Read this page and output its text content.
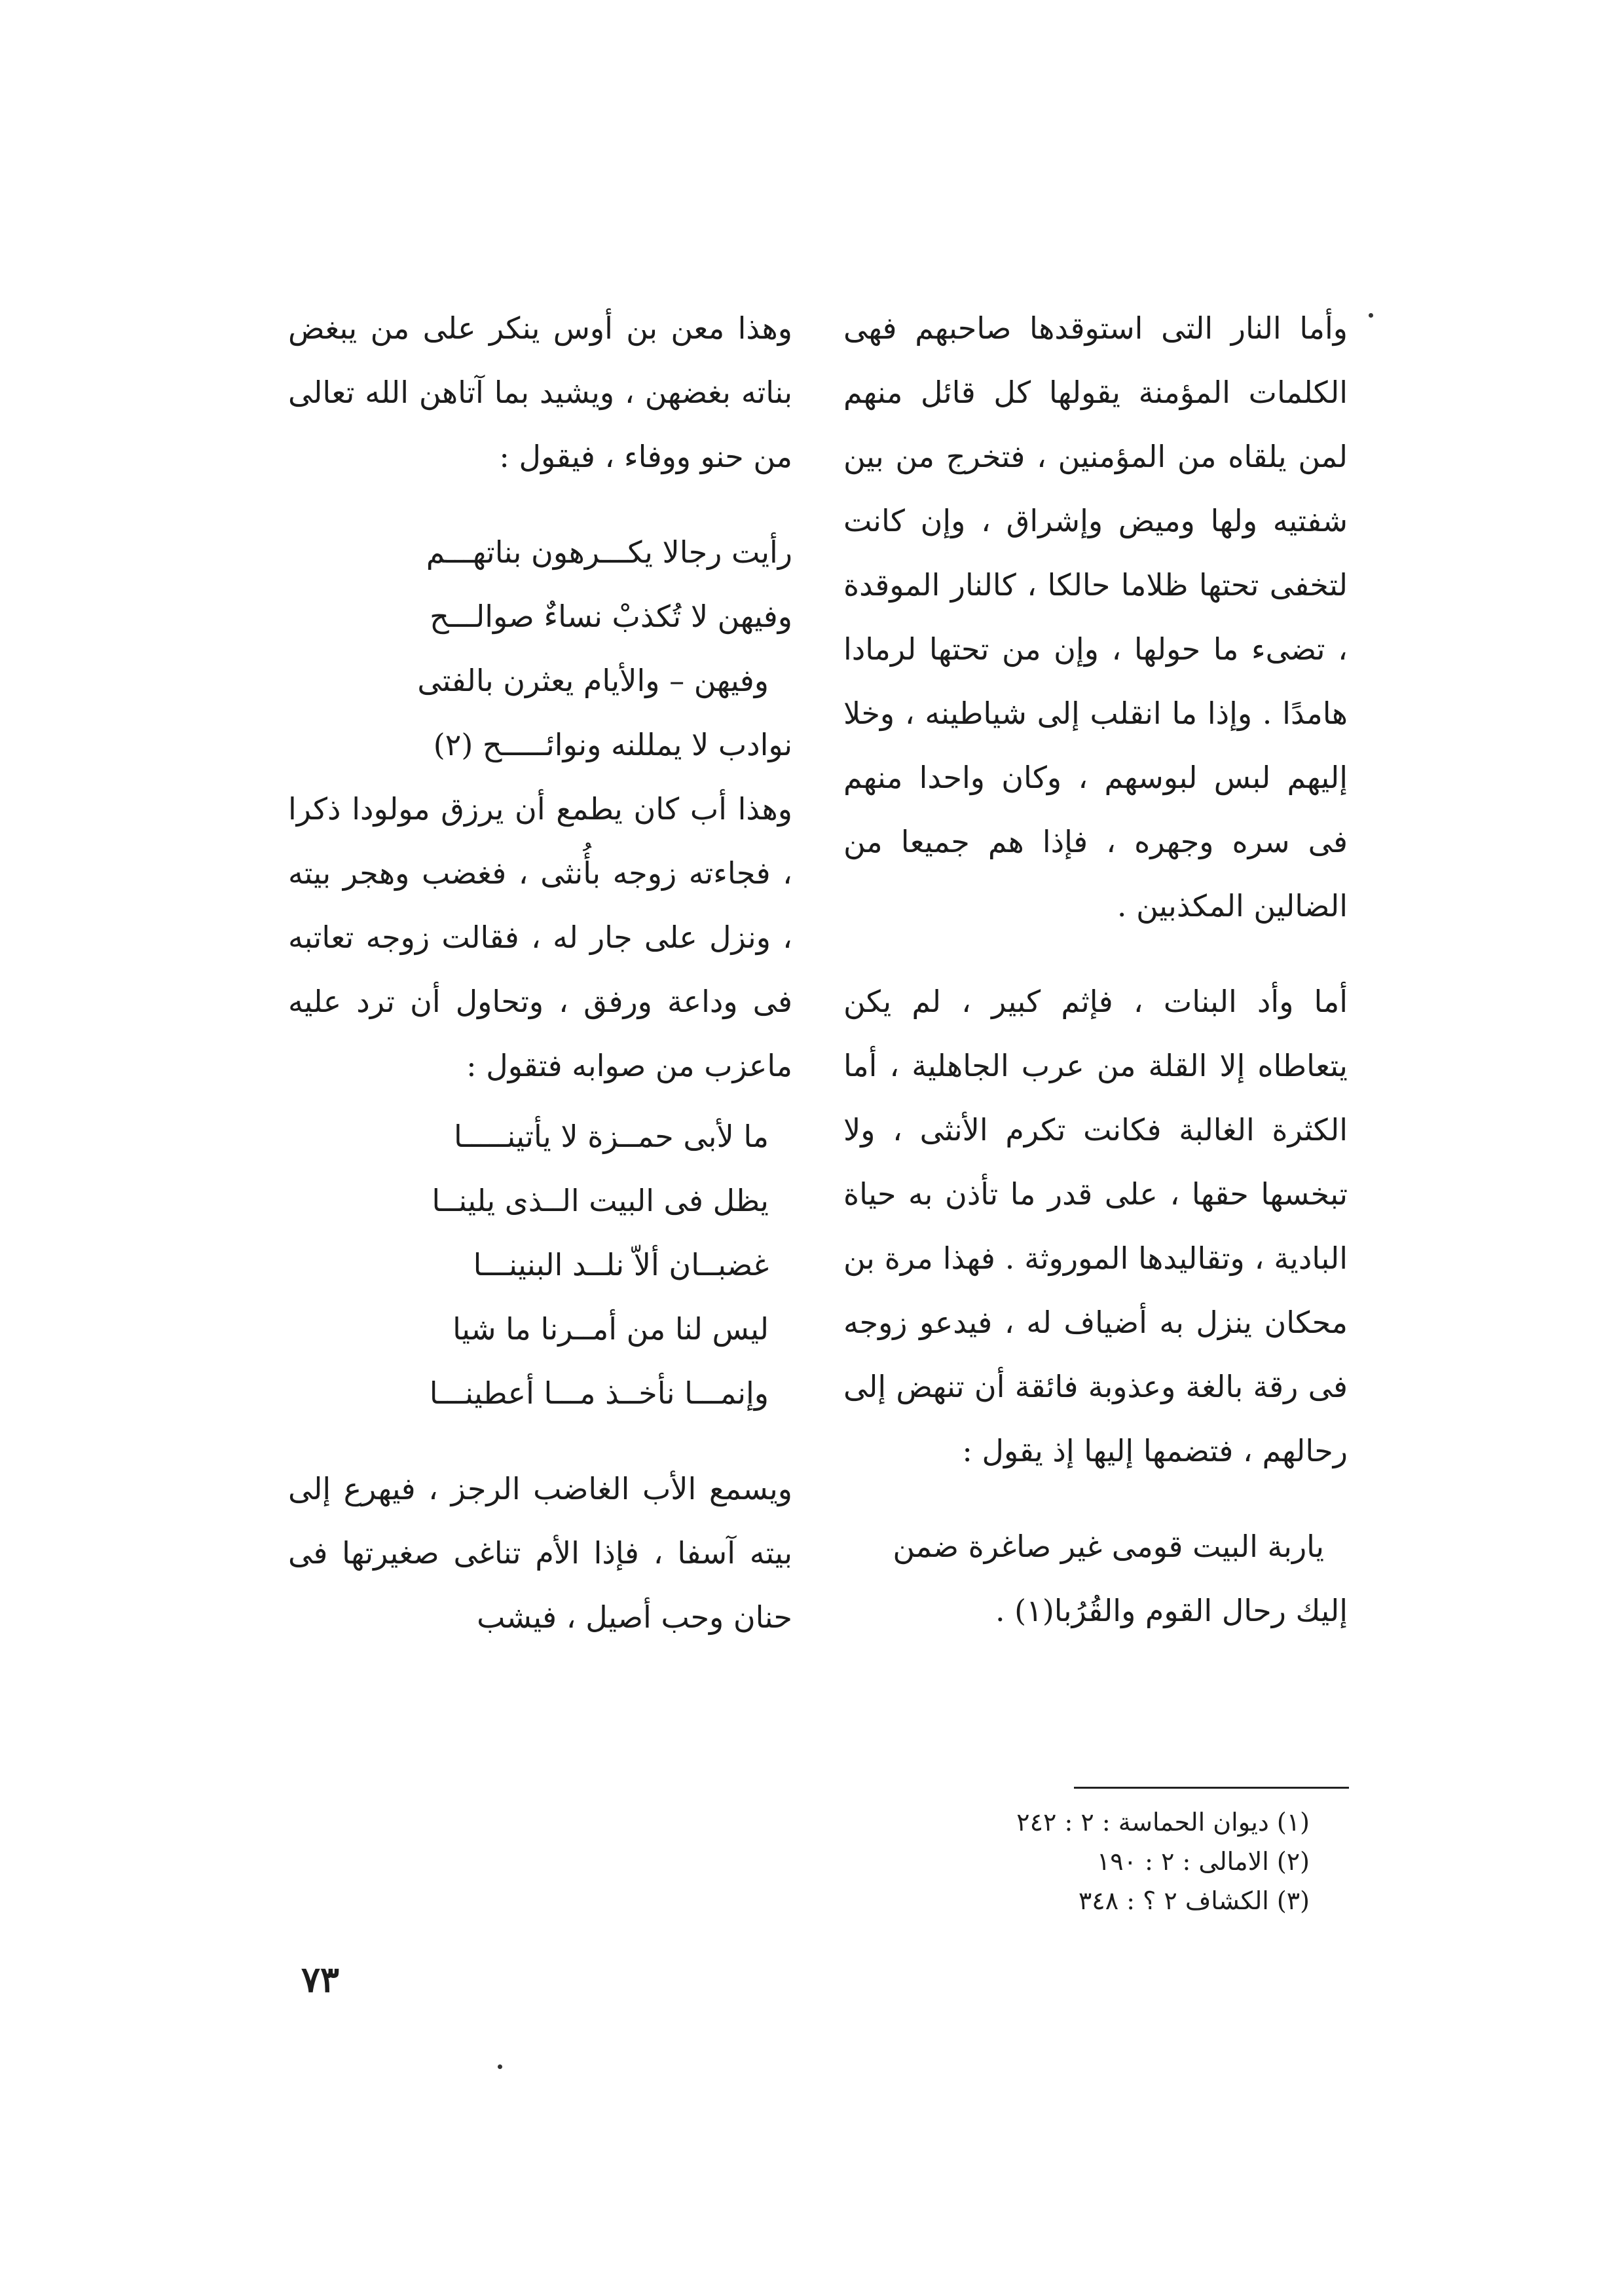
وأما النار التى استوقدها صاحبهم فهى الكلمات المؤمنة يقولها كل قائل منهم لمن يلقاه من المؤمنين ، فتخرج من بين شفتيه ولها وميض وإشراق ، وإن كانت لتخفى تحتها ظلاما حالكا ، كالنار الموقدة ، تضىء ما حولها ، وإن من تحتها لرمادا هامدًا . وإذا ما انقلب إلى شياطينه ، وخلا إليهم لبس لبوسهم ، وكان واحدا منهم فى سره وجهره ، فإذا هم جميعا من الضالين المكذبين .

أما وأد البنات ، فإثم كبير ، لم يكن يتعاطاه إلا القلة من عرب الجاهلية ، أما الكثرة الغالبة فكانت تكرم الأنثى ، ولا تبخسها حقها ، على قدر ما تأذن به حياة البادية ، وتقاليدها الموروثة . فهذا مرة بن محكان ينزل به أضياف له ، فيدعو زوجه فى رقة بالغة وعذوبة فائقة أن تنهض إلى رحالهم ، فتضمها إليها إذ يقول :

ياربة البيت قومى غير صاغرة ضمن

إليك رحال القوم والقُرُبا(١) .

وهذا معن بن أوس ينكر على من يبغض بناته بغضهن ، ويشيد بما آتاهن الله تعالى من حنو ووفاء ، فيقول :

رأيت رجالا يكـــرهون بناتهـــم

وفيهن لا تُكذبْ نساءٌ صوالـــح

وفيهن – والأيام يعثرن بالفتى

نوادب لا يمللنه ونوائـــــح (٢)

وهذا أب كان يطمع أن يرزق مولودا ذكرا ، فجاءته زوجه بأُنثى ، فغضب وهجر بيته ، ونزل على جار له ، فقالت زوجه تعاتبه فى وداعة ورفق ، وتحاول أن ترد عليه ماعزب من صوابه فتقول :

ما لأبى حمــزة لا يأتينـــــا

يظل فى البيت الــذى يلينــا

غضبــان ألاّ نلــد البنينـــا

ليس لنا من أمــرنا ما شيا

وإنمـــا نأخــذ مـــا أعطينـــا

ويسمع الأب الغاضب الرجز ، فيهرع إلى بيته آسفا ، فإذا الأم تناغى صغيرتها فى حنان وحب أصيل ، فيشب

(١) ديوان الحماسة : ٢ : ٢٤٢

(٢) الامالى : ٢ : ١٩٠

(٣) الكشاف ٢ ؟ : ٣٤٨

٧٣
